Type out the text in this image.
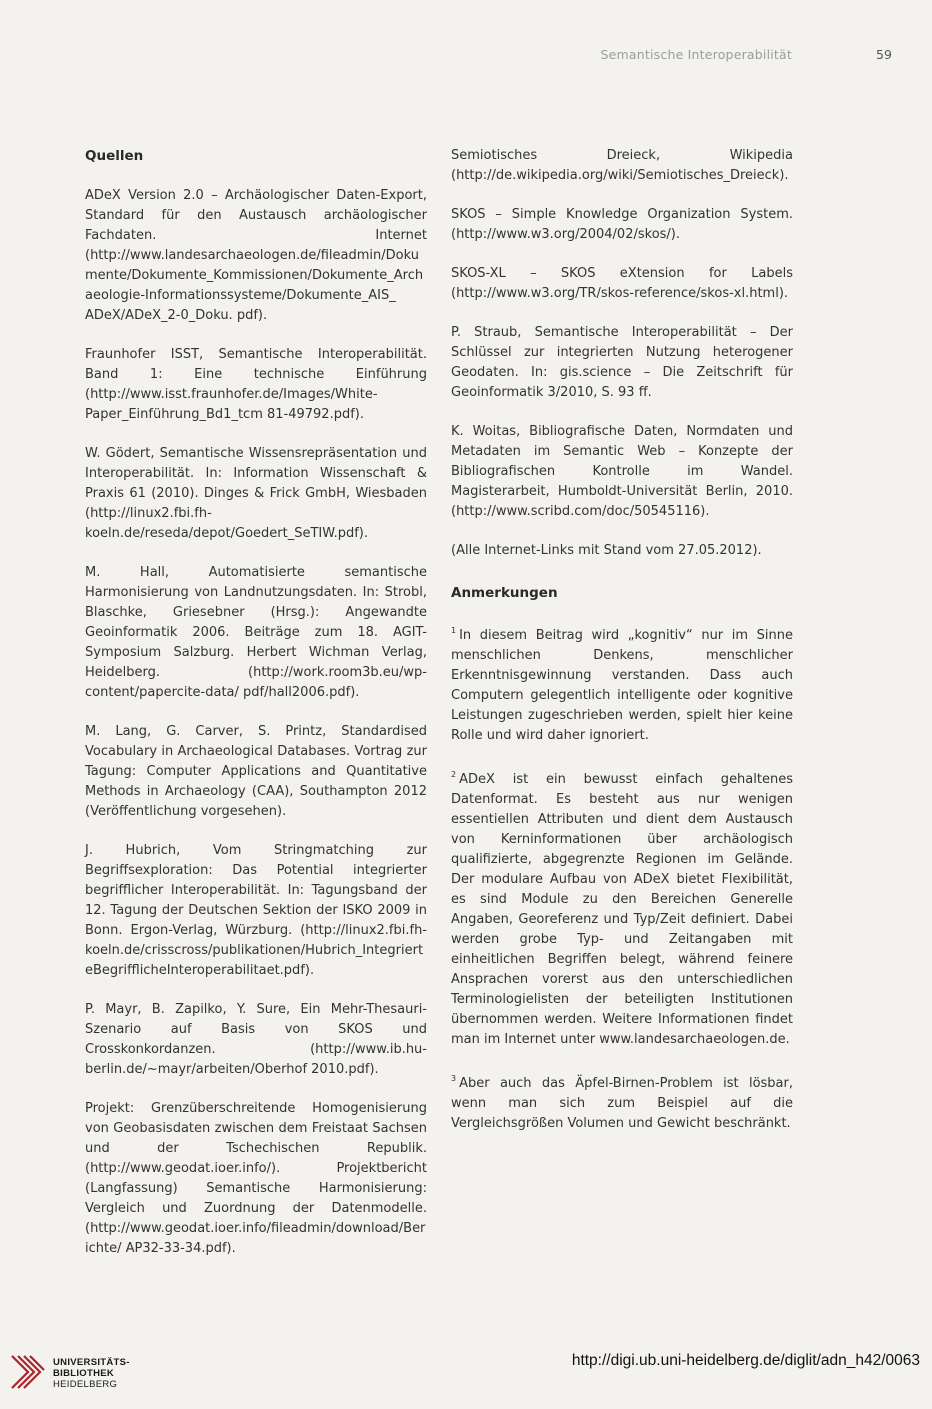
Semantische Interoperabilität	59
Quellen

ADeX Version 2.0 – Archäologischer Daten-Export, Standard für den Austausch archäologischer Fachdaten. Internet (http://www.landesarchaeologen.de/fileadmin/Dokumente/Dokumente_Kommissionen/Dokumente_Archaeologie-Informationssysteme/Dokumente_AIS_ ADeX/ADeX_2-0_Doku. pdf).

Fraunhofer ISST, Semantische Interoperabilität. Band 1: Eine technische Einführung (http://www.isst.fraunhofer.de/Images/White-Paper_Einführung_Bd1_tcm 81-49792.pdf).

W. Gödert, Semantische Wissensrepräsentation und Interoperabilität. In: Information Wissenschaft & Praxis 61 (2010). Dinges & Frick GmbH, Wiesbaden (http://linux2.fbi.fh-koeln.de/reseda/depot/Goedert_SeTIW.pdf).

M. Hall, Automatisierte semantische Harmonisierung von Landnutzungsdaten. In: Strobl, Blaschke, Griesebner (Hrsg.): Angewandte Geoinformatik 2006. Beiträge zum 18. AGIT- Symposium Salzburg. Herbert Wichman Verlag, Heidelberg. (http://work.room3b.eu/wp-content/papercite-data/ pdf/hall2006.pdf).

M. Lang, G. Carver, S. Printz, Standardised Vocabulary in Archaeological Databases. Vortrag zur Tagung: Computer Applications and Quantitative Methods in Archaeology (CAA), Southampton 2012 (Veröffentlichung vorgesehen).

J. Hubrich, Vom Stringmatching zur Begriffsexploration: Das Potential integrierter begrifflicher Interoperabilität. In: Tagungsband der 12. Tagung der Deutschen Sektion der ISKO 2009 in Bonn. Ergon-Verlag, Würzburg. (http://linux2.fbi.fh-koeln.de/crisscross/publikationen/Hubrich_IntegrierteBegrifflicheInteroperabilitaet.pdf).

P. Mayr, B. Zapilko, Y. Sure, Ein Mehr-Thesauri-Szenario auf Basis von SKOS und Crosskonkordanzen. (http://www.ib.hu-berlin.de/~mayr/arbeiten/Oberhof 2010.pdf).

Projekt: Grenzüberschreitende Homogenisierung von Geobasisdaten zwischen dem Freistaat Sachsen und der Tschechischen Republik. (http://www.geodat.ioer.info/). Projektbericht (Langfassung) Semantische Harmonisierung: Vergleich und Zuordnung der Datenmodelle. (http://www.geodat.ioer.info/fileadmin/download/Berichte/ AP32-33-34.pdf).

Semiotisches Dreieck, Wikipedia (http://de.wikipedia.org/wiki/Semiotisches_Dreieck).

SKOS – Simple Knowledge Organization System. (http://www.w3.org/2004/02/skos/).

SKOS-XL – SKOS eXtension for Labels (http://www.w3.org/TR/skos-reference/skos-xl.html).

P. Straub, Semantische Interoperabilität – Der Schlüssel zur integrierten Nutzung heterogener Geodaten. In: gis.science – Die Zeitschrift für Geoinformatik 3/2010, S. 93 ff.

K. Woitas, Bibliografische Daten, Normdaten und Metadaten im Semantic Web – Konzepte der Bibliografischen Kontrolle im Wandel. Magisterarbeit, Humboldt-Universität Berlin, 2010. (http://www.scribd.com/doc/50545116).

(Alle Internet-Links mit Stand vom 27.05.2012).

Anmerkungen

$^1$ In diesem Beitrag wird „kognitiv“ nur im Sinne menschlichen Denkens, menschlicher Erkenntnisgewinnung verstanden. Dass auch Computern gelegentlich intelligente oder kognitive Leistungen zugeschrieben werden, spielt hier keine Rolle und wird daher ignoriert.

$^2$ ADeX ist ein bewusst einfach gehaltenes Datenformat. Es besteht aus nur wenigen essentiellen Attributen und dient dem Austausch von Kerninformationen über archäologisch qualifizierte, abgegrenzte Regionen im Gelände. Der modulare Aufbau von ADeX bietet Flexibilität, es sind Module zu den Bereichen Generelle Angaben, Georeferenz und Typ/Zeit definiert. Dabei werden grobe Typ- und Zeitangaben mit einheitlichen Begriffen belegt, während feinere Ansprachen vorerst aus den unterschiedlichen Terminologielisten der beteiligten Institutionen übernommen werden. Weitere Informationen findet man im Internet unter www.landesarchaeologen.de.

$^3$ Aber auch das Äpfel-Birnen-Problem ist lösbar, wenn man sich zum Beispiel auf die Vergleichsgrößen Volumen und Gewicht beschränkt.

UNIVERSITÄTS-
BIBLIOTHEK
HEIDELBERG
http://digi.ub.uni-heidelberg.de/diglit/adn_h42/0063
